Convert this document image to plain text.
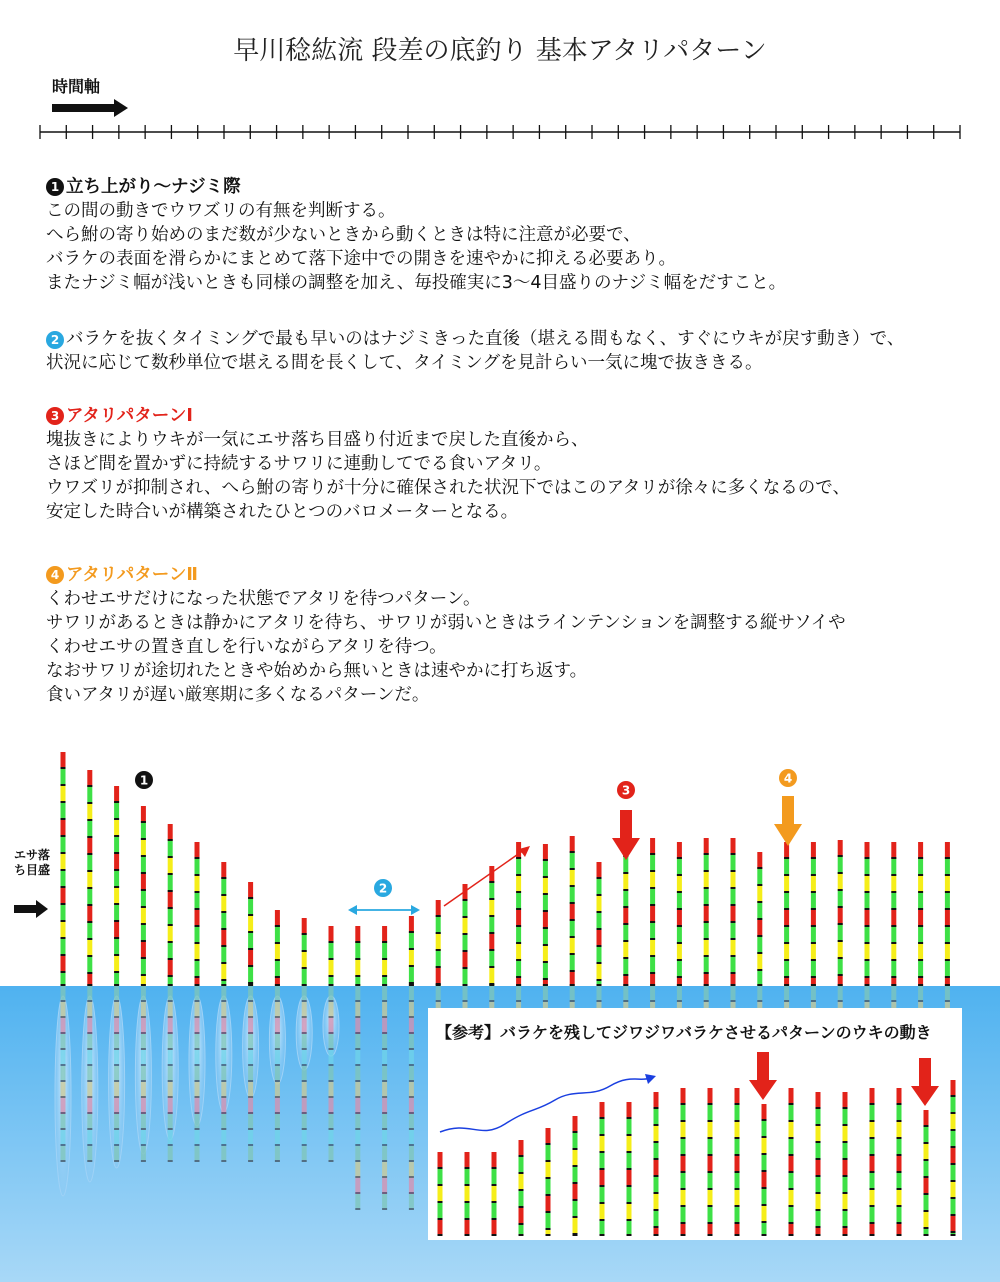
早川稔紘流 段差の底釣り 基本アタリパターン
時間軸
1 立ち上がり〜ナジミ際
この間の動きでウワズリの有無を判断する。
へら鮒の寄り始めのまだ数が少ないときから動くときは特に注意が必要で、
バラケの表面を滑らかにまとめて落下途中での開きを速やかに抑える必要あり。
またナジミ幅が浅いときも同様の調整を加え、毎投確実に3〜4目盛りのナジミ幅をだすこと。
2 バラケを抜くタイミングで最も早いのはナジミきった直後（堪える間もなく、すぐにウキが戻す動き）で、
状況に応じて数秒単位で堪える間を長くして、タイミングを見計らい一気に塊で抜ききる。
3 アタリパターンⅠ
塊抜きによりウキが一気にエサ落ち目盛り付近まで戻した直後から、
さほど間を置かずに持続するサワリに連動してでる食いアタリ。
ウワズリが抑制され、へら鮒の寄りが十分に確保された状況下ではこのアタリが徐々に多くなるので、
安定した時合いが構築されたひとつのバロメーターとなる。
4 アタリパターンⅡ
くわせエサだけになった状態でアタリを待つパターン。
サワリがあるときは静かにアタリを待ち、サワリが弱いときはラインテンションを調整する縦サソイや
くわせエサの置き直しを行いながらアタリを待つ。
なおサワリが途切れたときや始めから無いときは速やかに打ち返す。
食いアタリが遅い厳寒期に多くなるパターンだ。
1
2
3
4
エサ落ち目盛
【参考】バラケを残してジワジワバラケさせるパターンのウキの動き
